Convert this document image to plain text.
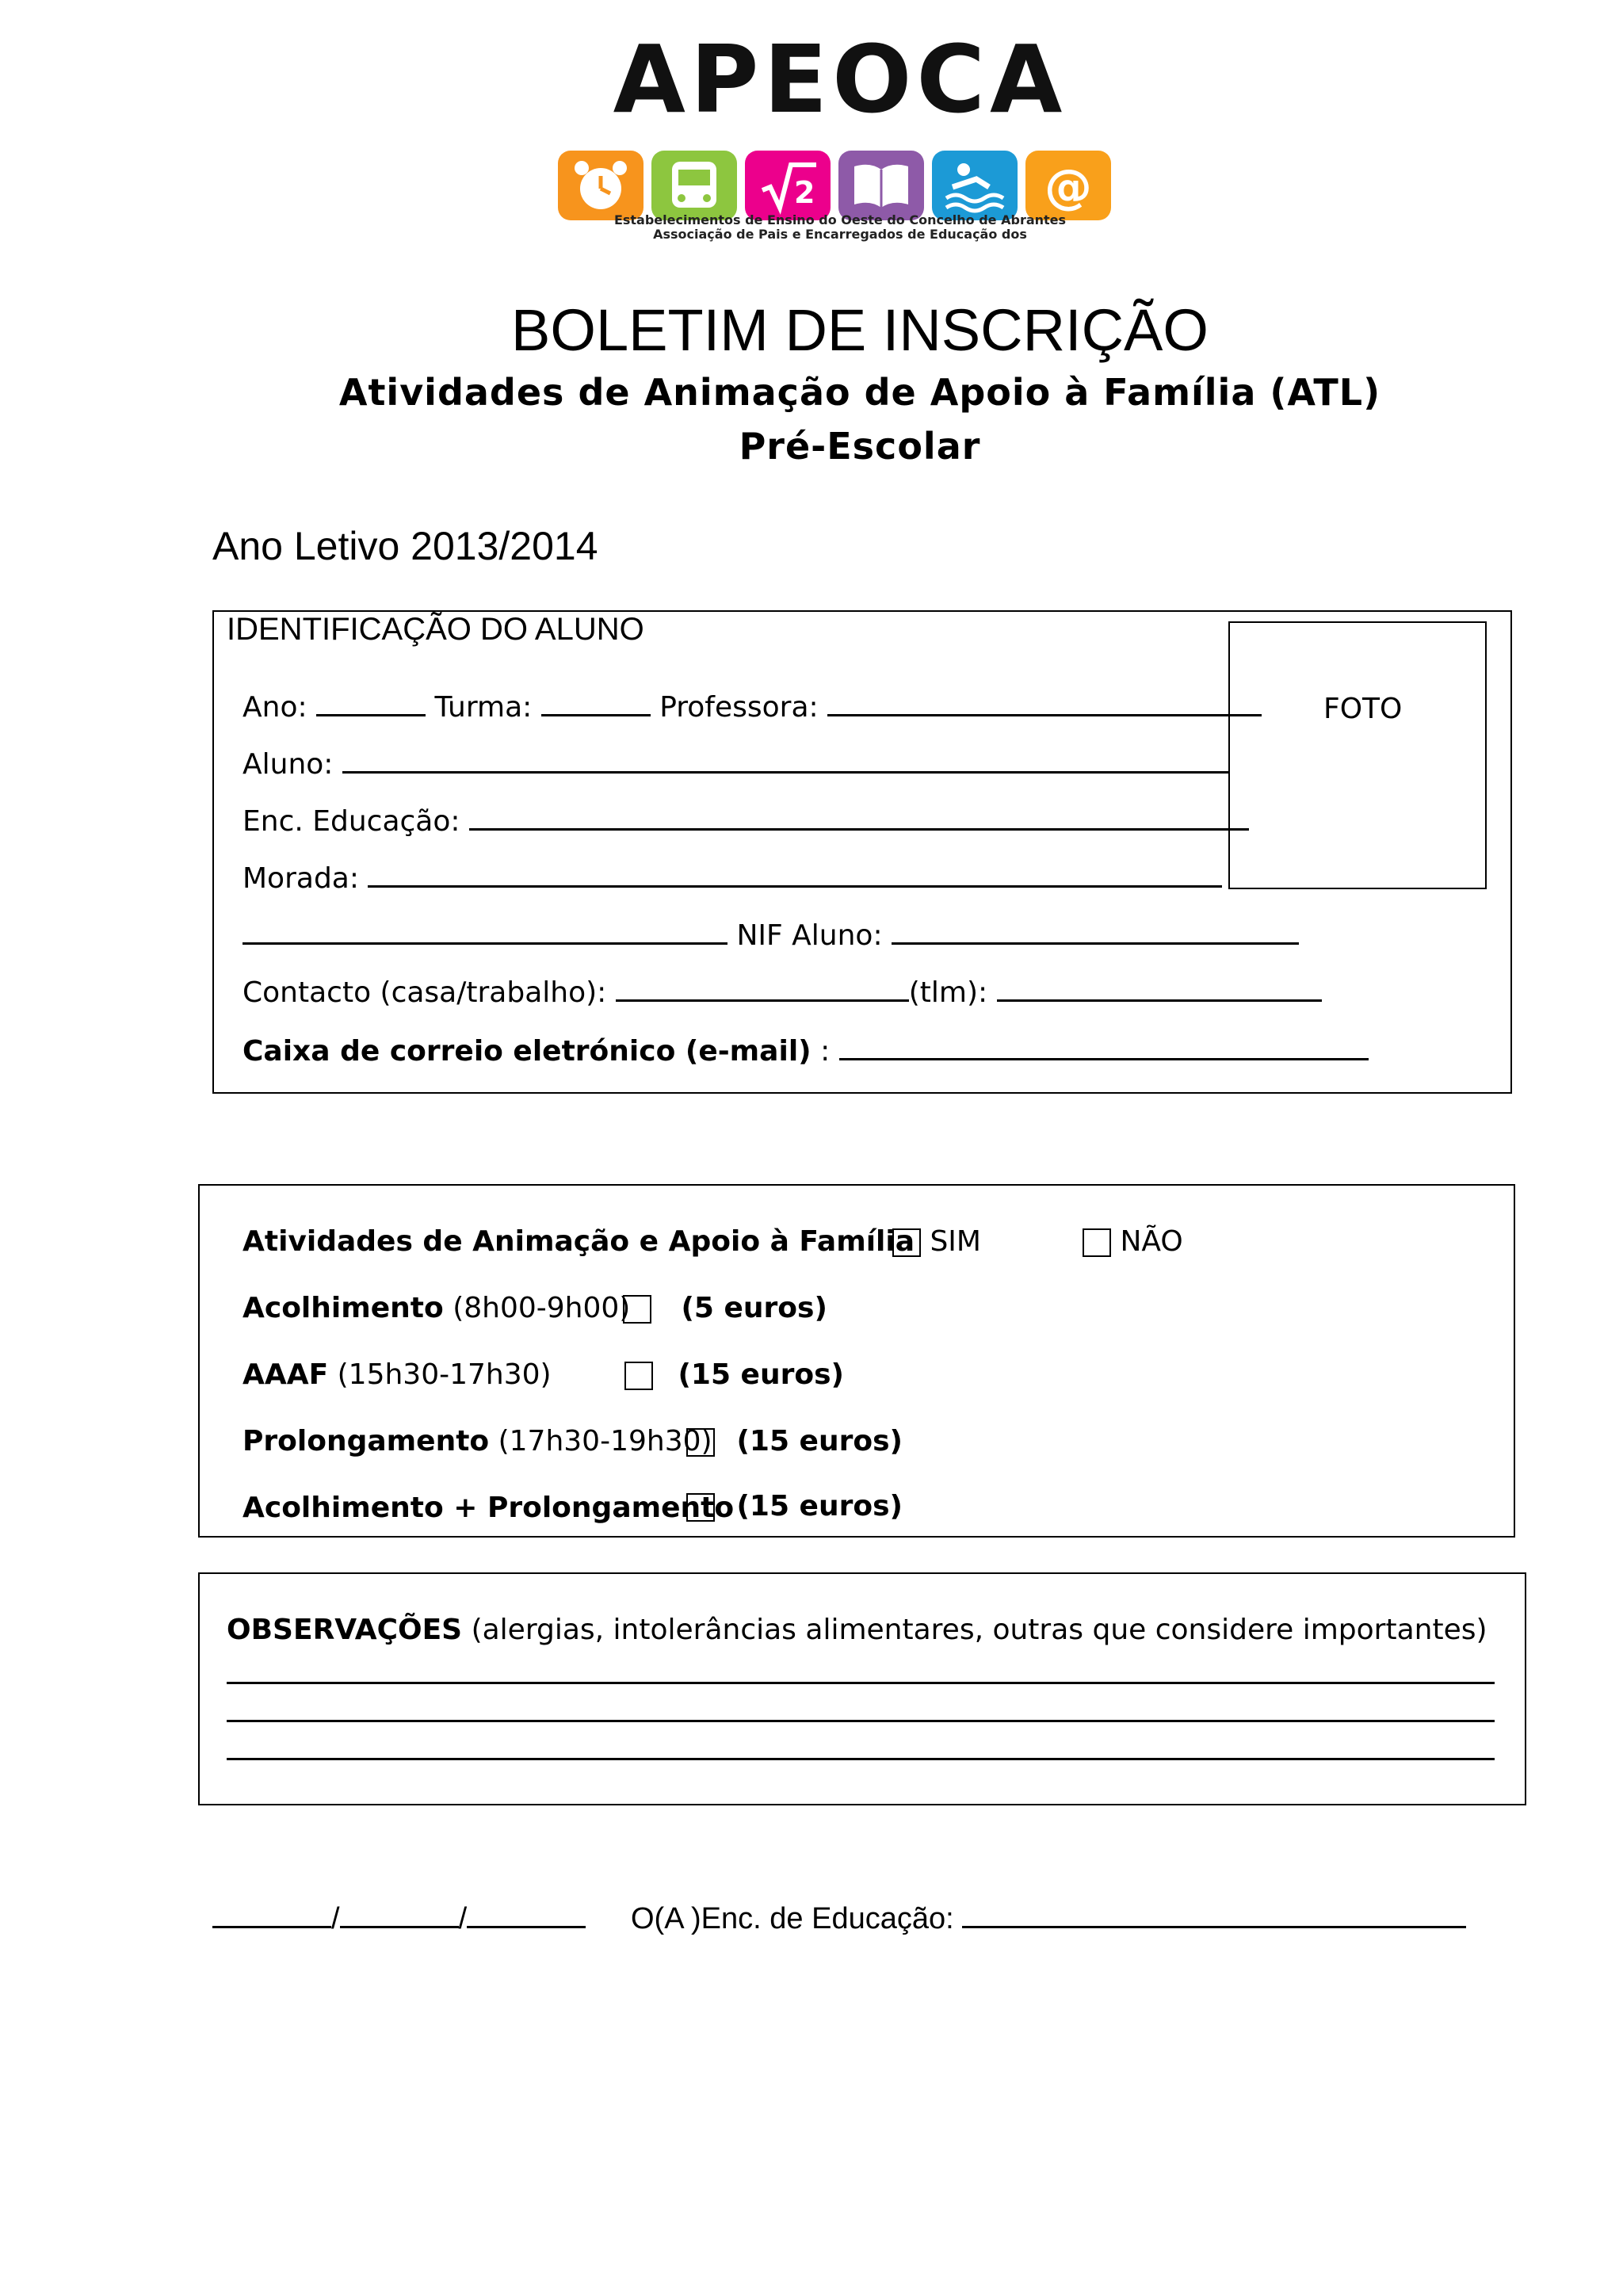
APEOCA
2	@
Associação de Pais e Encarregados de Educação dos
Estabelecimentos de Ensino do Oeste do Concelho de Abrantes
BOLETIM DE INSCRIÇÃO
Atividades de Animação de Apoio à Família (ATL)
Pré-Escolar
Ano Letivo 2013/2014
IDENTIFICAÇÃO DO ALUNO
FOTO
Ano:	Turma:	Professora:
Aluno:
Enc. Educação:
Morada:
NIF Aluno:
Contacto (casa/trabalho):	(tlm):
Caixa de correio eletrónico (e-mail) :
Atividades de Animação e Apoio à Família SIM	NÃO
Acolhimento (8h00-9h00)	(5 euros)
AAAF (15h30-17h30)	(15 euros)
Prolongamento (17h30-19h30) (15 euros)
Acolhimento + Prolongamento (15 euros)
OBSERVAÇÕES (alergias, intolerâncias alimentares, outras que considere importantes)
/	/	O(A )Enc. de Educação:
